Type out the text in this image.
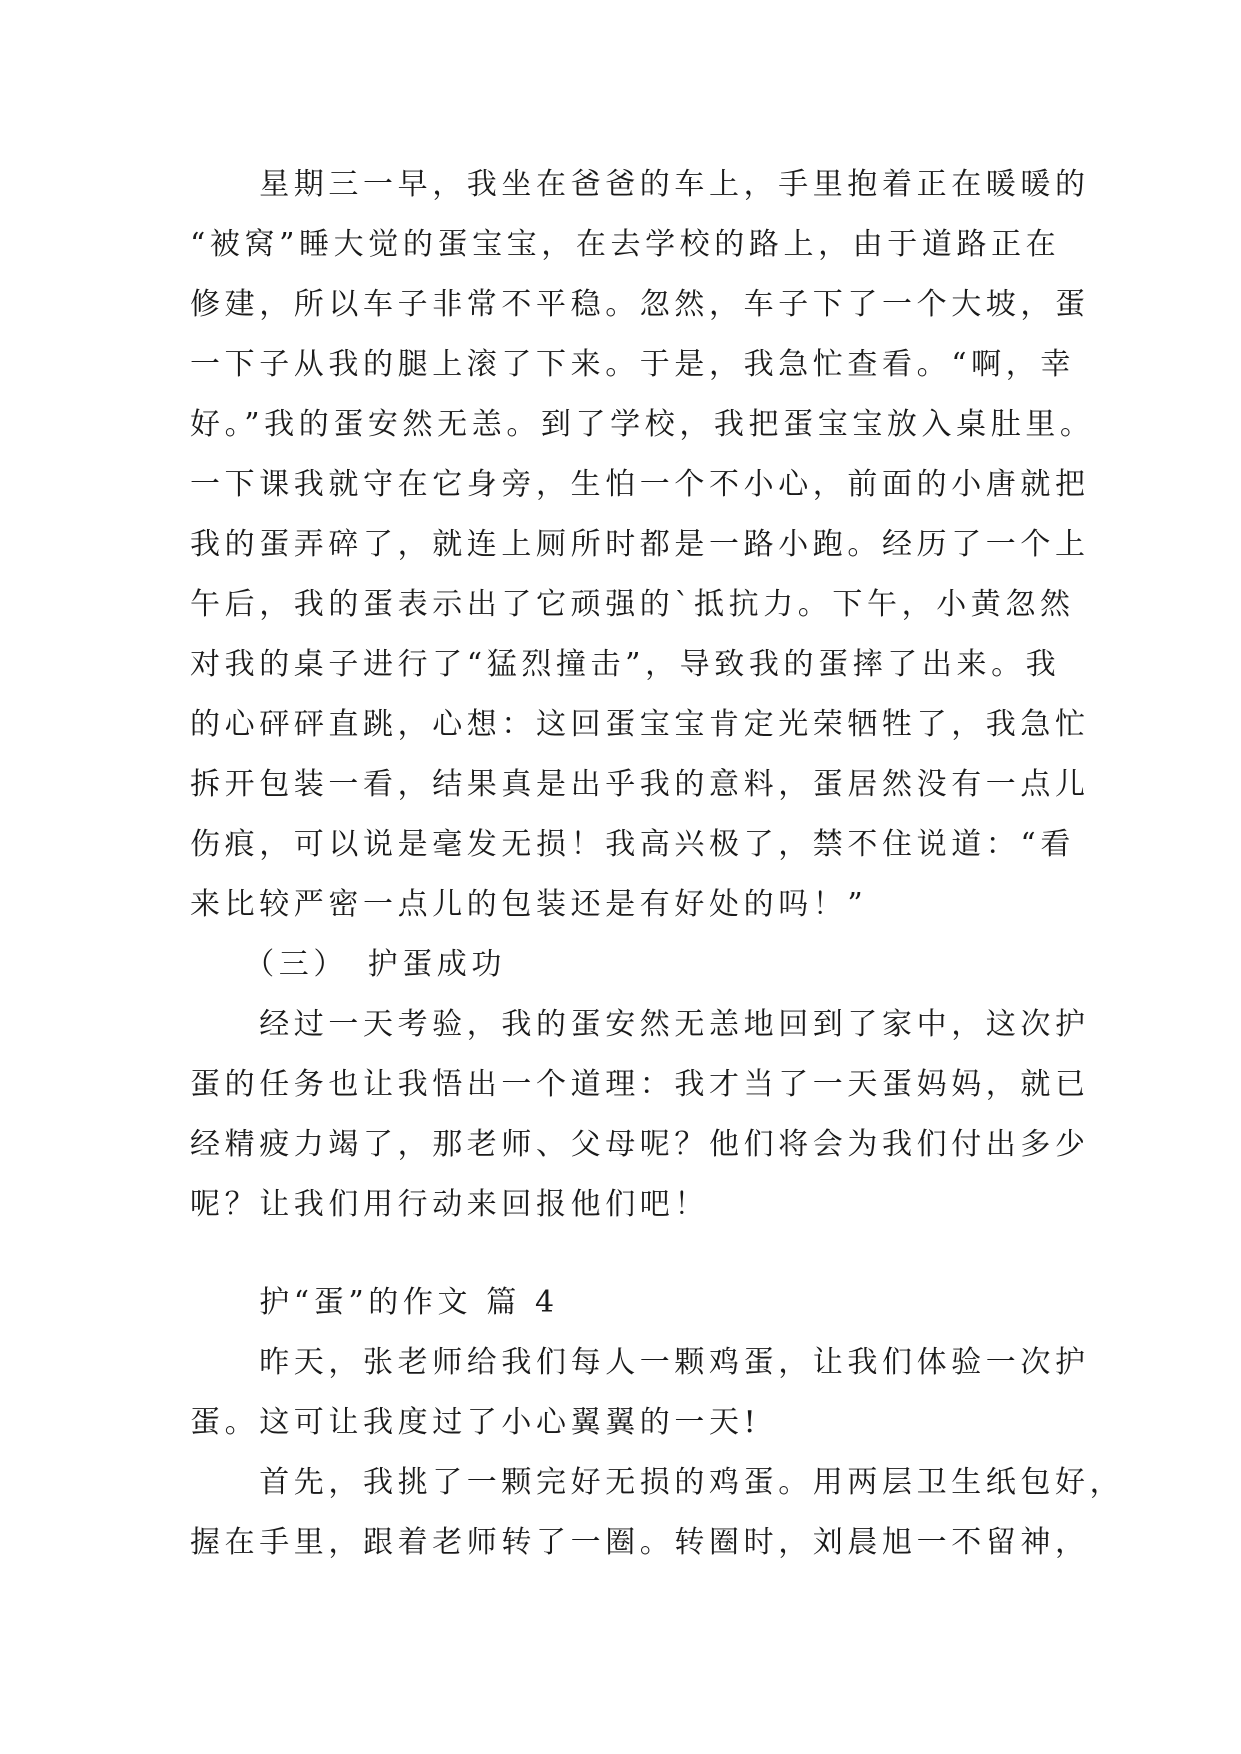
　　星期三一早，我坐在爸爸的车上，手里抱着正在暖暖的
“被窝”睡大觉的蛋宝宝，在去学校的路上，由于道路正在
修建，所以车子非常不平稳。忽然，车子下了一个大坡，蛋
一下子从我的腿上滚了下来。于是，我急忙查看。“啊，幸
好。”我的蛋安然无恙。到了学校，我把蛋宝宝放入桌肚里。
一下课我就守在它身旁，生怕一个不小心，前面的小唐就把
我的蛋弄碎了，就连上厕所时都是一路小跑。经历了一个上
午后，我的蛋表示出了它顽强的`抵抗力。下午，小黄忽然
对我的桌子进行了“猛烈撞击”，导致我的蛋摔了出来。我
的心砰砰直跳，心想：这回蛋宝宝肯定光荣牺牲了，我急忙
拆开包装一看，结果真是出乎我的意料，蛋居然没有一点儿
伤痕，可以说是毫发无损！我高兴极了，禁不住说道：“看
来比较严密一点儿的包装还是有好处的吗！”
　　（三）　护蛋成功
　　经过一天考验，我的蛋安然无恙地回到了家中，这次护
蛋的任务也让我悟出一个道理：我才当了一天蛋妈妈，就已
经精疲力竭了，那老师、父母呢？他们将会为我们付出多少
呢？让我们用行动来回报他们吧！
　　护“蛋”的作文 篇 4
　　昨天，张老师给我们每人一颗鸡蛋，让我们体验一次护
蛋。这可让我度过了小心翼翼的一天!
　　首先，我挑了一颗完好无损的鸡蛋。用两层卫生纸包好，
握在手里，跟着老师转了一圈。转圈时，刘晨旭一不留神，
